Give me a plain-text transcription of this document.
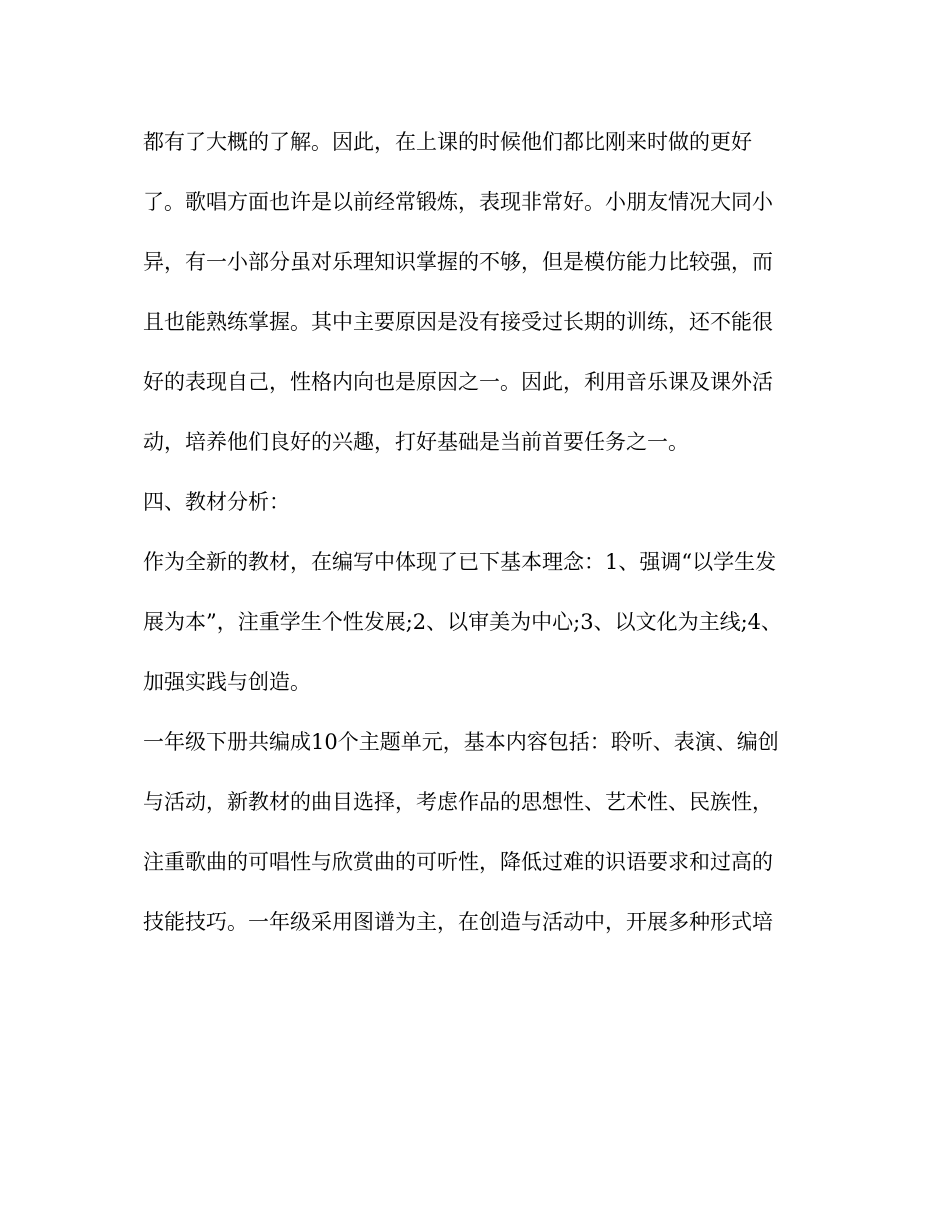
都有了大概的了解。因此，在上课的时候他们都比刚来时做的更好
了。歌唱方面也许是以前经常锻炼，表现非常好。小朋友情况大同小
异，有一小部分虽对乐理知识掌握的不够，但是模仿能力比较强，而
且也能熟练掌握。其中主要原因是没有接受过长期的训练，还不能很
好的表现自己，性格内向也是原因之一。因此，利用音乐课及课外活
动，培养他们良好的兴趣，打好基础是当前首要任务之一。
四、教材分析：
作为全新的教材，在编写中体现了已下基本理念：1、强调“以学生发
展为本”，注重学生个性发展;2、以审美为中心;3、以文化为主线;4、
加强实践与创造。
一年级下册共编成10个主题单元，基本内容包括：聆听、表演、编创
与活动，新教材的曲目选择，考虑作品的思想性、艺术性、民族性，
注重歌曲的可唱性与欣赏曲的可听性，降低过难的识语要求和过高的
技能技巧。一年级采用图谱为主，在创造与活动中，开展多种形式培
